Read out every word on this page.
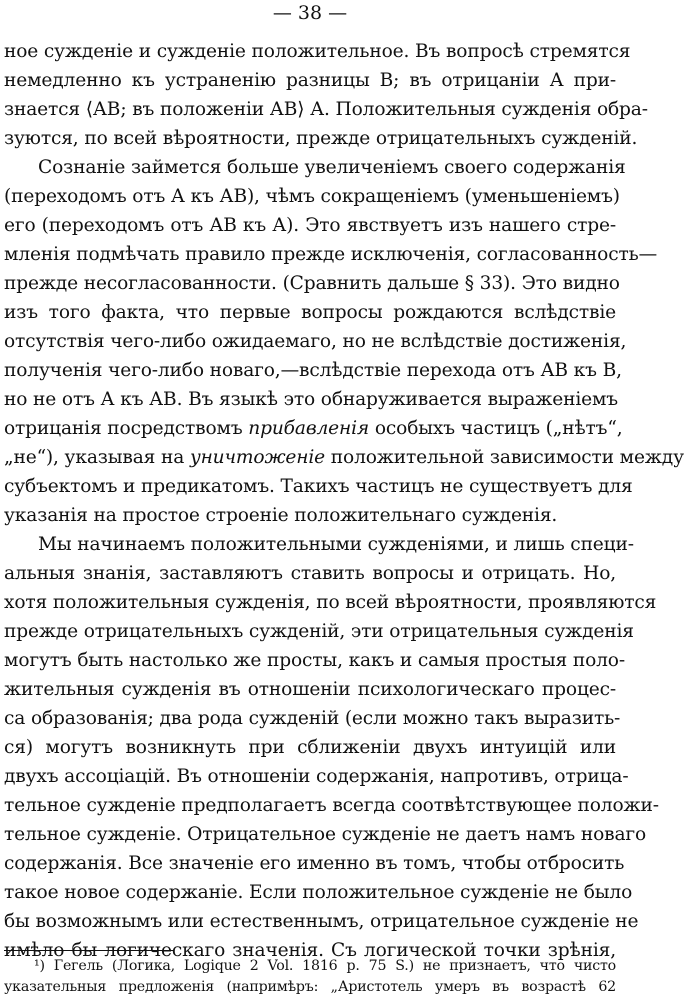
— 38 —
ное сужденіе и сужденіе положительное. Въ вопросѣ стремятся
немедленно къ устраненію разницы В; въ отрицаніи А при-
знается ⟨АВ; въ положеніи АВ⟩ А. Положительныя сужденія обра-
зуются, по всей вѣроятности, прежде отрицательныхъ сужденій.
Сознаніе займется больше увеличеніемъ своего содержанія
(переходомъ отъ А къ АВ), чѣмъ сокращеніемъ (уменьшеніемъ)
его (переходомъ отъ АВ къ А). Это явствуетъ изъ нашего стре-
мленія подмѣчать правило прежде исключенія, согласованность—
прежде несогласованности. (Сравнить дальше § 33). Это видно
изъ того факта, что первые вопросы рождаются вслѣдствіе
отсутствія чего-либо ожидаемаго, но не вслѣдствіе достиженія,
полученія чего-либо новаго,—вслѣдствіе перехода отъ АВ къ В,
но не отъ А къ АВ. Въ языкѣ это обнаруживается выраженіемъ
отрицанія посредствомъ прибавленія особыхъ частицъ („нѣтъ“,
„не“), указывая на уничтоженіе положительной зависимости между
субъектомъ и предикатомъ. Такихъ частицъ не существуетъ для
указанія на простое строеніе положительнаго сужденія.
Мы начинаемъ положительными сужденіями, и лишь специ-
альныя знанія, заставляютъ ставить вопросы и отрицать. Но,
хотя положительныя сужденія, по всей вѣроятности, проявляются
прежде отрицательныхъ сужденій, эти отрицательныя сужденія
могутъ быть настолько же просты, какъ и самыя простыя поло-
жительныя сужденія въ отношеніи психологическаго процес-
са образованія; два рода сужденій (если можно такъ выразить-
ся) могутъ возникнуть при сближеніи двухъ интуицій или
двухъ ассоціацій. Въ отношеніи содержанія, напротивъ, отрица-
тельное сужденіе предполагаетъ всегда соотвѣтствующее положи-
тельное сужденіе. Отрицательное сужденіе не даетъ намъ новаго
содержанія. Все значеніе его именно въ томъ, чтобы отбросить
такое новое содержаніе. Если положительное сужденіе не было
бы возможнымъ или естественнымъ, отрицательное сужденіе не
имѣло бы логическаго значенія. Съ логической точки зрѣнія,
¹) Гегель (Логика, Logique 2 Vol. 1816 p. 75 S.) не признаетъ, что чисто
указательныя предложенія (напримѣръ: „Аристотель умеръ въ возрастѣ 62
